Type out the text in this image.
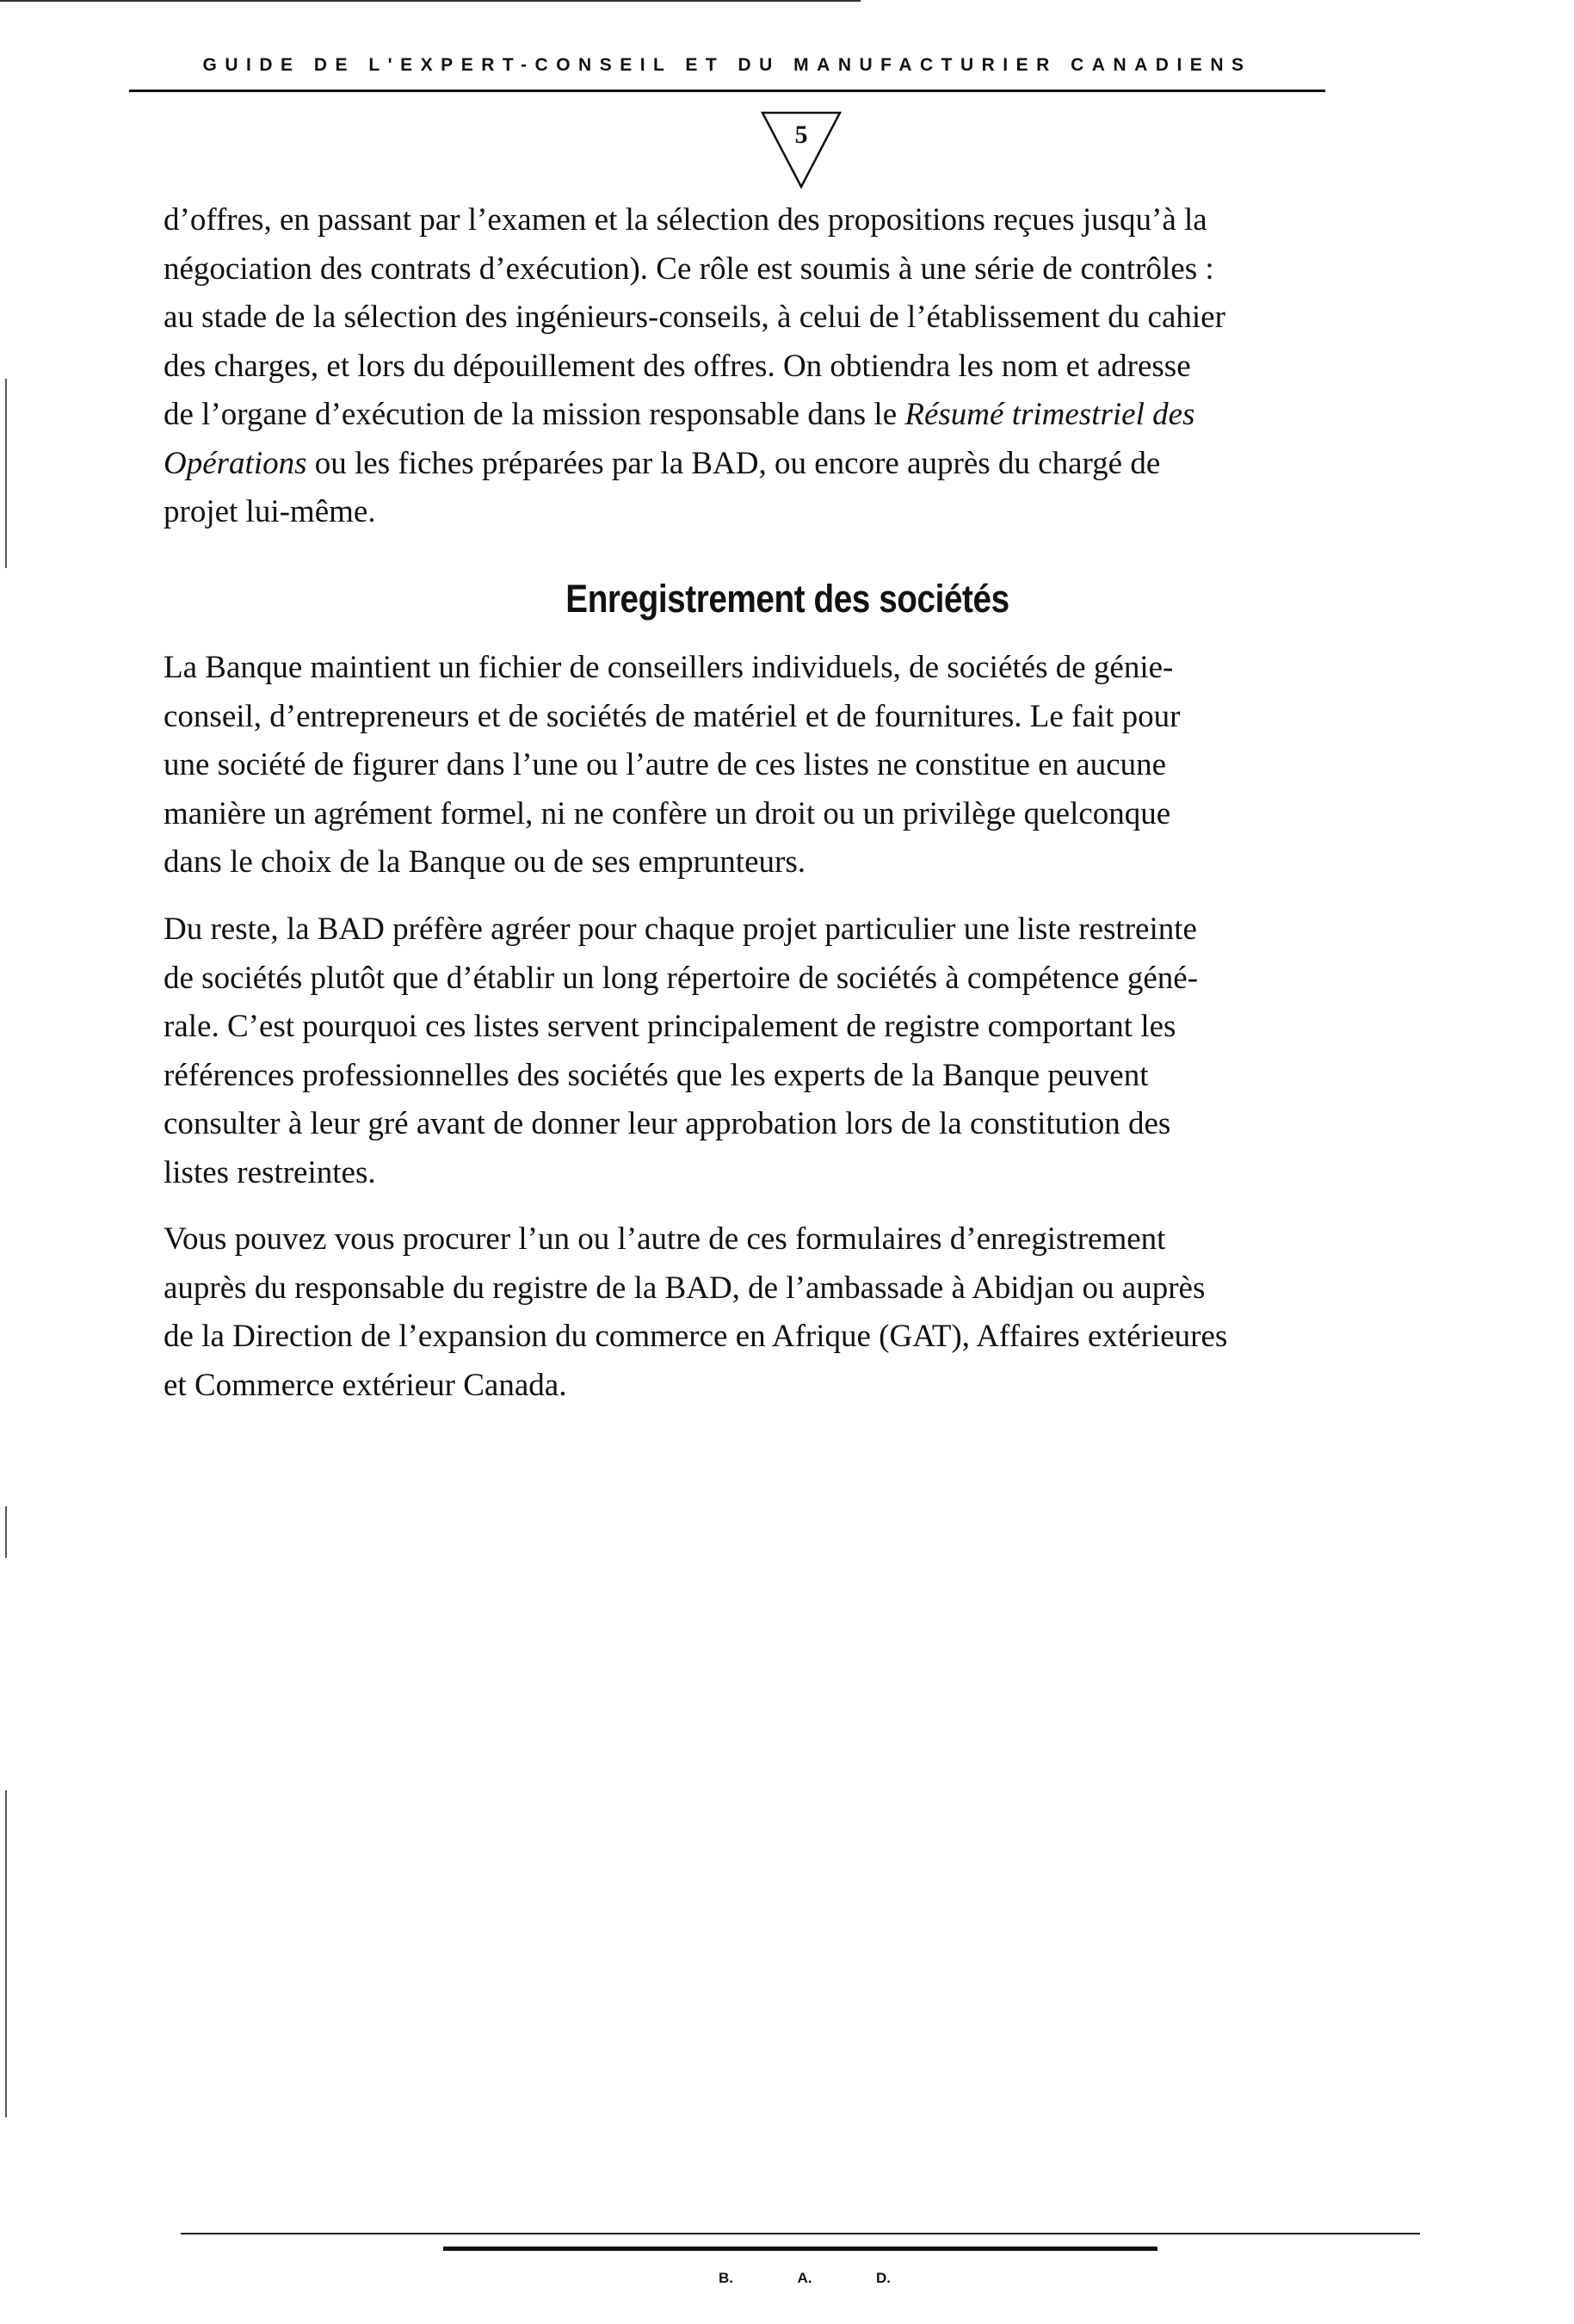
GUIDE DE L'EXPERT-CONSEIL ET DU MANUFACTURIER CANADIENS
5

d’offres, en passant par l’examen et la sélection des propositions reçues jusqu’à la
négociation des contrats d’exécution). Ce rôle est soumis à une série de contrôles :
au stade de la sélection des ingénieurs-conseils, à celui de l’établissement du cahier
des charges, et lors du dépouillement des offres. On obtiendra les nom et adresse
de l’organe d’exécution de la mission responsable dans le Résumé trimestriel des
Opérations ou les fiches préparées par la BAD, ou encore auprès du chargé de
projet lui-même.

Enregistrement des sociétés

La Banque maintient un fichier de conseillers individuels, de sociétés de génie-
conseil, d’entrepreneurs et de sociétés de matériel et de fournitures. Le fait pour
une société de figurer dans l’une ou l’autre de ces listes ne constitue en aucune
manière un agrément formel, ni ne confère un droit ou un privilège quelconque
dans le choix de la Banque ou de ses emprunteurs.

Du reste, la BAD préfère agréer pour chaque projet particulier une liste restreinte
de sociétés plutôt que d’établir un long répertoire de sociétés à compétence géné-
rale. C’est pourquoi ces listes servent principalement de registre comportant les
références professionnelles des sociétés que les experts de la Banque peuvent
consulter à leur gré avant de donner leur approbation lors de la constitution des
listes restreintes.

Vous pouvez vous procurer l’un ou l’autre de ces formulaires d’enregistrement
auprès du responsable du registre de la BAD, de l’ambassade à Abidjan ou auprès
de la Direction de l’expansion du commerce en Afrique (GAT), Affaires extérieures
et Commerce extérieur Canada.

B.	A.	D.
